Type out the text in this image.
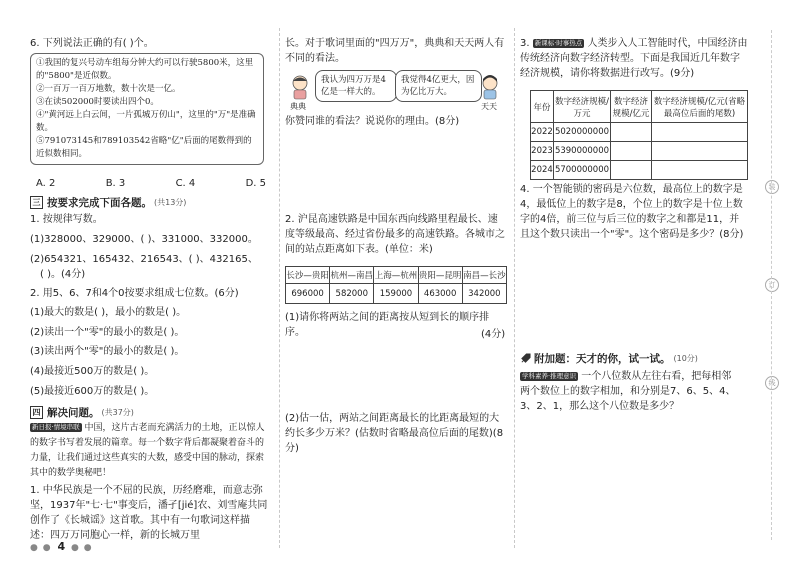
6. 下列说法正确的有( )个。
①我国的复兴号动车组每分钟大约可以行驶5800米，这里的"5800"是近似数。
②一百万一百万地数，数十次是一亿。
③在读502000时要读出四个0。
④"黄河远上白云间，一片孤城万仞山"，这里的"万"是准确数。
⑤791073145和789103542省略"亿"后面的尾数得到的近似数相同。
A. 2	B. 3	C. 4	D. 5
三 按要求完成下面各题。 (共13分)
1. 按规律写数。
(1)328000、329000、( )、331000、332000。
(2)654321、165432、216543、( )、432165、
( )。(4分)
2. 用5、6、7和4个0按要求组成七位数。(6分)
(1)最大的数是( )，最小的数是( )。
(2)读出一个"零"的最小的数是( )。
(3)读出两个"零"的最小的数是( )。
(4)最接近500万的数是( )。
(5)最接近600万的数是( )。
四 解决问题。 (共37分)
新日报·情境串联 中国，这片古老而充满活力的土地，正以惊人的数字书写着发展的篇章。每一个数字背后都凝聚着奋斗的力量，让我们通过这些真实的大数，感受中国的脉动，探索其中的数学奥秘吧！
1. 中华民族是一个不屈的民族，历经磨难，而意志弥坚，1937年"七·七"事变后，潘孑[jié]农、刘雪庵共同创作了《长城谣》这首歌。其中有一句歌词这样描述：四万万同胞心一样，新的长城万里
● ● 4 ● ●
长。对于歌词里面的"四万万"，典典和天天两人有不同的看法。
典典
我认为四万万是4亿是一样大的。
我觉得4亿更大，因为亿比万大。
天天
你赞同谁的看法？说说你的理由。(8分)
2. 沪昆高速铁路是中国东西向线路里程最长、速度等级最高、经过省份最多的高速铁路。各城市之间的站点距离如下表。(单位：米)
长沙—贵阳	杭州—南昌	上海—杭州	贵阳—昆明	南昌—长沙
696000	582000	159000	463000	342000
(1)请你将两站之间的距离按从短到长的顺序排序。	(4分)
(2)估一估，两站之间距离最长的比距离最短的大约长多少万米？(估数时省略最高位后面的尾数)(8分)
3. 新课标·时事热点 人类步入人工智能时代，中国经济由传统经济向数字经济转型。下面是我国近几年数字经济规模，请你将数据进行改写。(9分)
年份	数字经济规模/万元	数字经济规模/亿元	数字经济规模/亿元(省略最高位后面的尾数)
2022	5020000000		
2023	5390000000		
2024	5700000000		
4. 一个智能锁的密码是六位数，最高位上的数字是4，最低位上的数字是8，个位上的数字是十位上数字的4倍，前三位与后三位的数字之和都是11，并且这个数只读出一个"零"。这个密码是多少？(8分)
附加题：天才的你，试一试。 (10分)
学科素养·推理意识 一个八位数从左往右看，把每相邻两个数位上的数字相加，和分别是7、6、5、4、3、2、1，那么这个八位数是多少？
装
订
线
